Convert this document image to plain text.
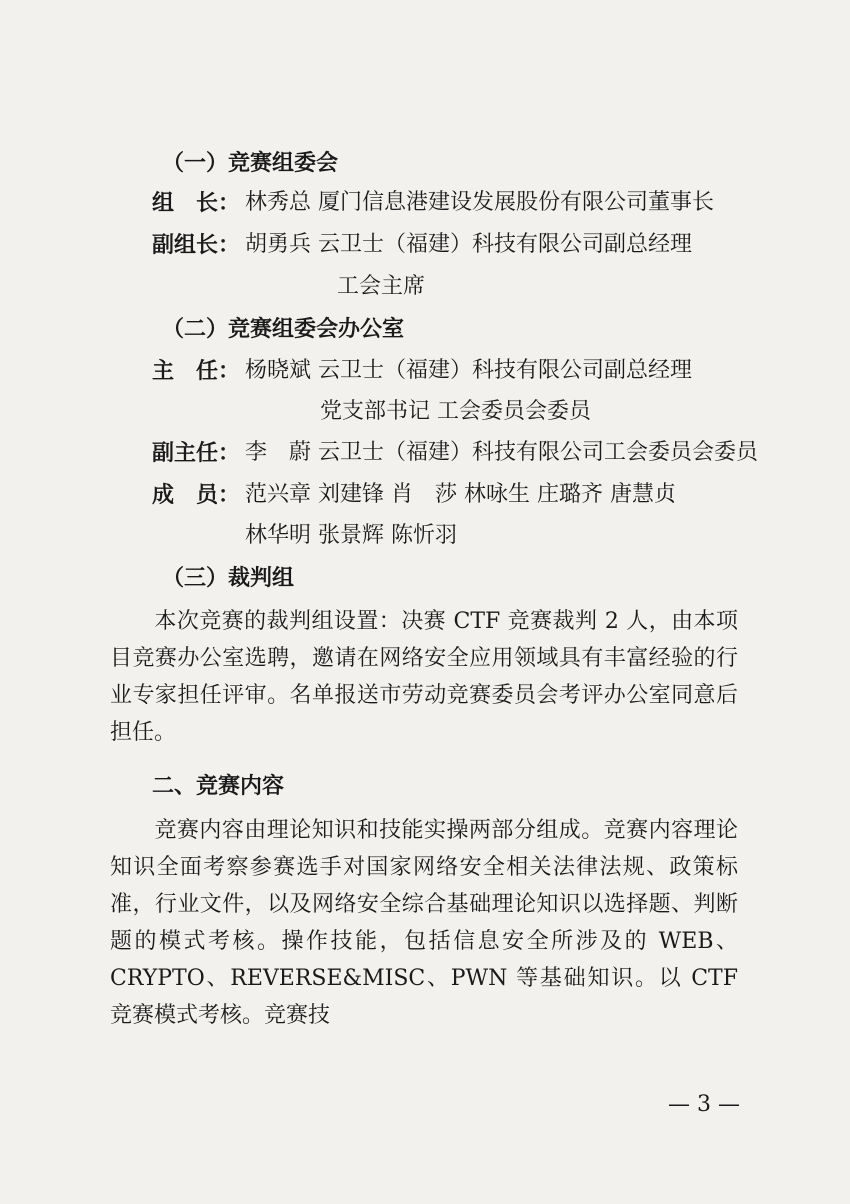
（一）竞赛组委会
组　长： 林秀总 厦门信息港建设发展股份有限公司董事长
副组长： 胡勇兵 云卫士（福建）科技有限公司副总经理
工会主席
（二）竞赛组委会办公室
主　任： 杨晓斌 云卫士（福建）科技有限公司副总经理
党支部书记 工会委员会委员
副主任： 李　蔚 云卫士（福建）科技有限公司工会委员会委员
成　员： 范兴章 刘建锋 肖　莎 林咏生 庄璐齐 唐慧贞
林华明 张景辉 陈忻羽
（三）裁判组
本次竞赛的裁判组设置：决赛 CTF 竞赛裁判 2 人，由本项目竞赛办公室选聘，邀请在网络安全应用领域具有丰富经验的行业专家担任评审。名单报送市劳动竞赛委员会考评办公室同意后担任。
二、竞赛内容
竞赛内容由理论知识和技能实操两部分组成。竞赛内容理论知识全面考察参赛选手对国家网络安全相关法律法规、政策标准，行业文件，以及网络安全综合基础理论知识以选择题、判断题的模式考核。操作技能，包括信息安全所涉及的 WEB、CRYPTO、REVERSE&MISC、PWN 等基础知识。以 CTF 竞赛模式考核。竞赛技
— 3 —
